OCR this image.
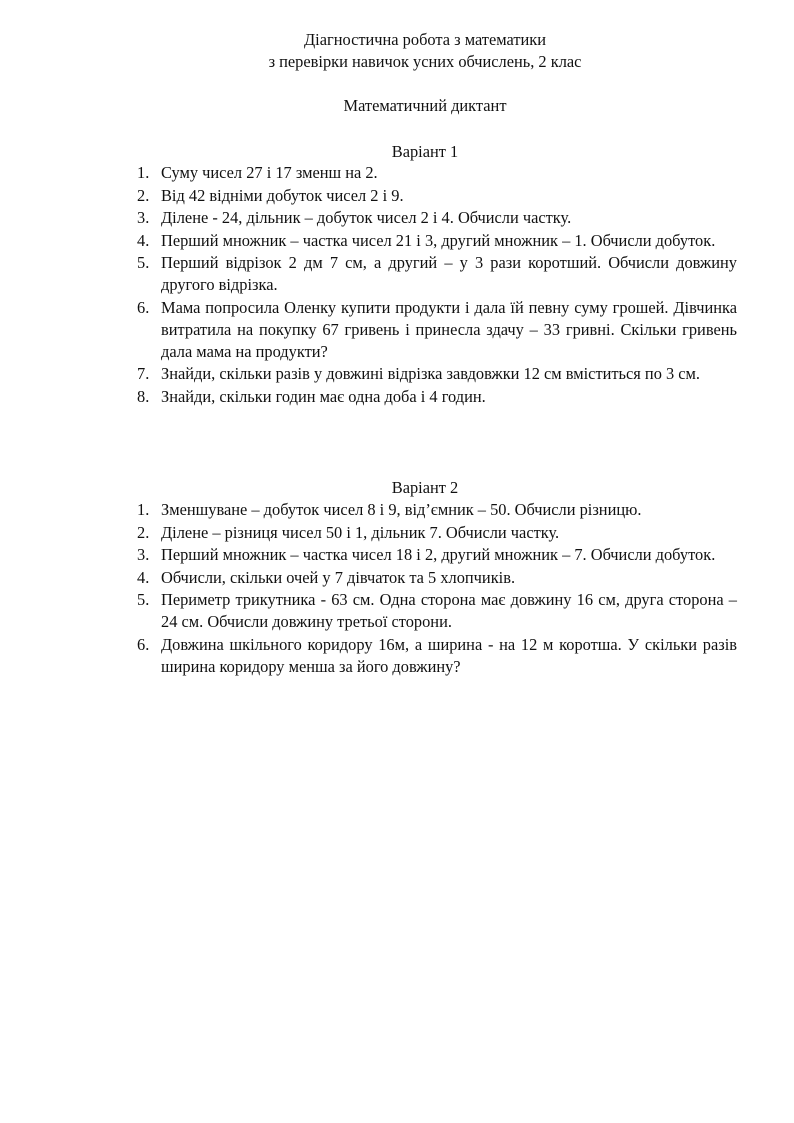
Діагностична робота з математики
з перевірки навичок усних обчислень, 2 клас
Математичний диктант
Варіант 1
1. Суму чисел 27 і 17 зменш на 2.
2. Від 42 відніми добуток чисел 2 і 9.
3. Ділене - 24, дільник – добуток чисел 2 і 4. Обчисли частку.
4. Перший множник – частка чисел 21 і 3, другий множник – 1. Обчисли добуток.
5. Перший відрізок 2 дм 7 см, а другий – у 3 рази коротший. Обчисли довжину другого відрізка.
6. Мама попросила Оленку купити продукти і дала їй певну суму грошей. Дівчинка витратила на покупку 67 гривень і принесла здачу – 33 гривні. Скільки гривень дала мама на продукти?
7. Знайди, скільки разів у довжині відрізка завдовжки 12 см вміститься по 3 см.
8. Знайди, скільки годин має одна доба і 4 годин.
Варіант 2
1. Зменшуване – добуток чисел 8 і 9, від’ємник – 50. Обчисли різницю.
2. Ділене – різниця чисел 50 і 1, дільник 7. Обчисли частку.
3. Перший множник – частка чисел 18 і 2, другий множник – 7. Обчисли добуток.
4. Обчисли, скільки очей у 7 дівчаток та 5 хлопчиків.
5. Периметр трикутника - 63 см. Одна сторона має довжину 16 см, друга сторона – 24 см. Обчисли довжину третьої сторони.
6. Довжина шкільного коридору 16м, а ширина - на 12 м коротша. У скільки разів ширина коридору менша за його довжину?
